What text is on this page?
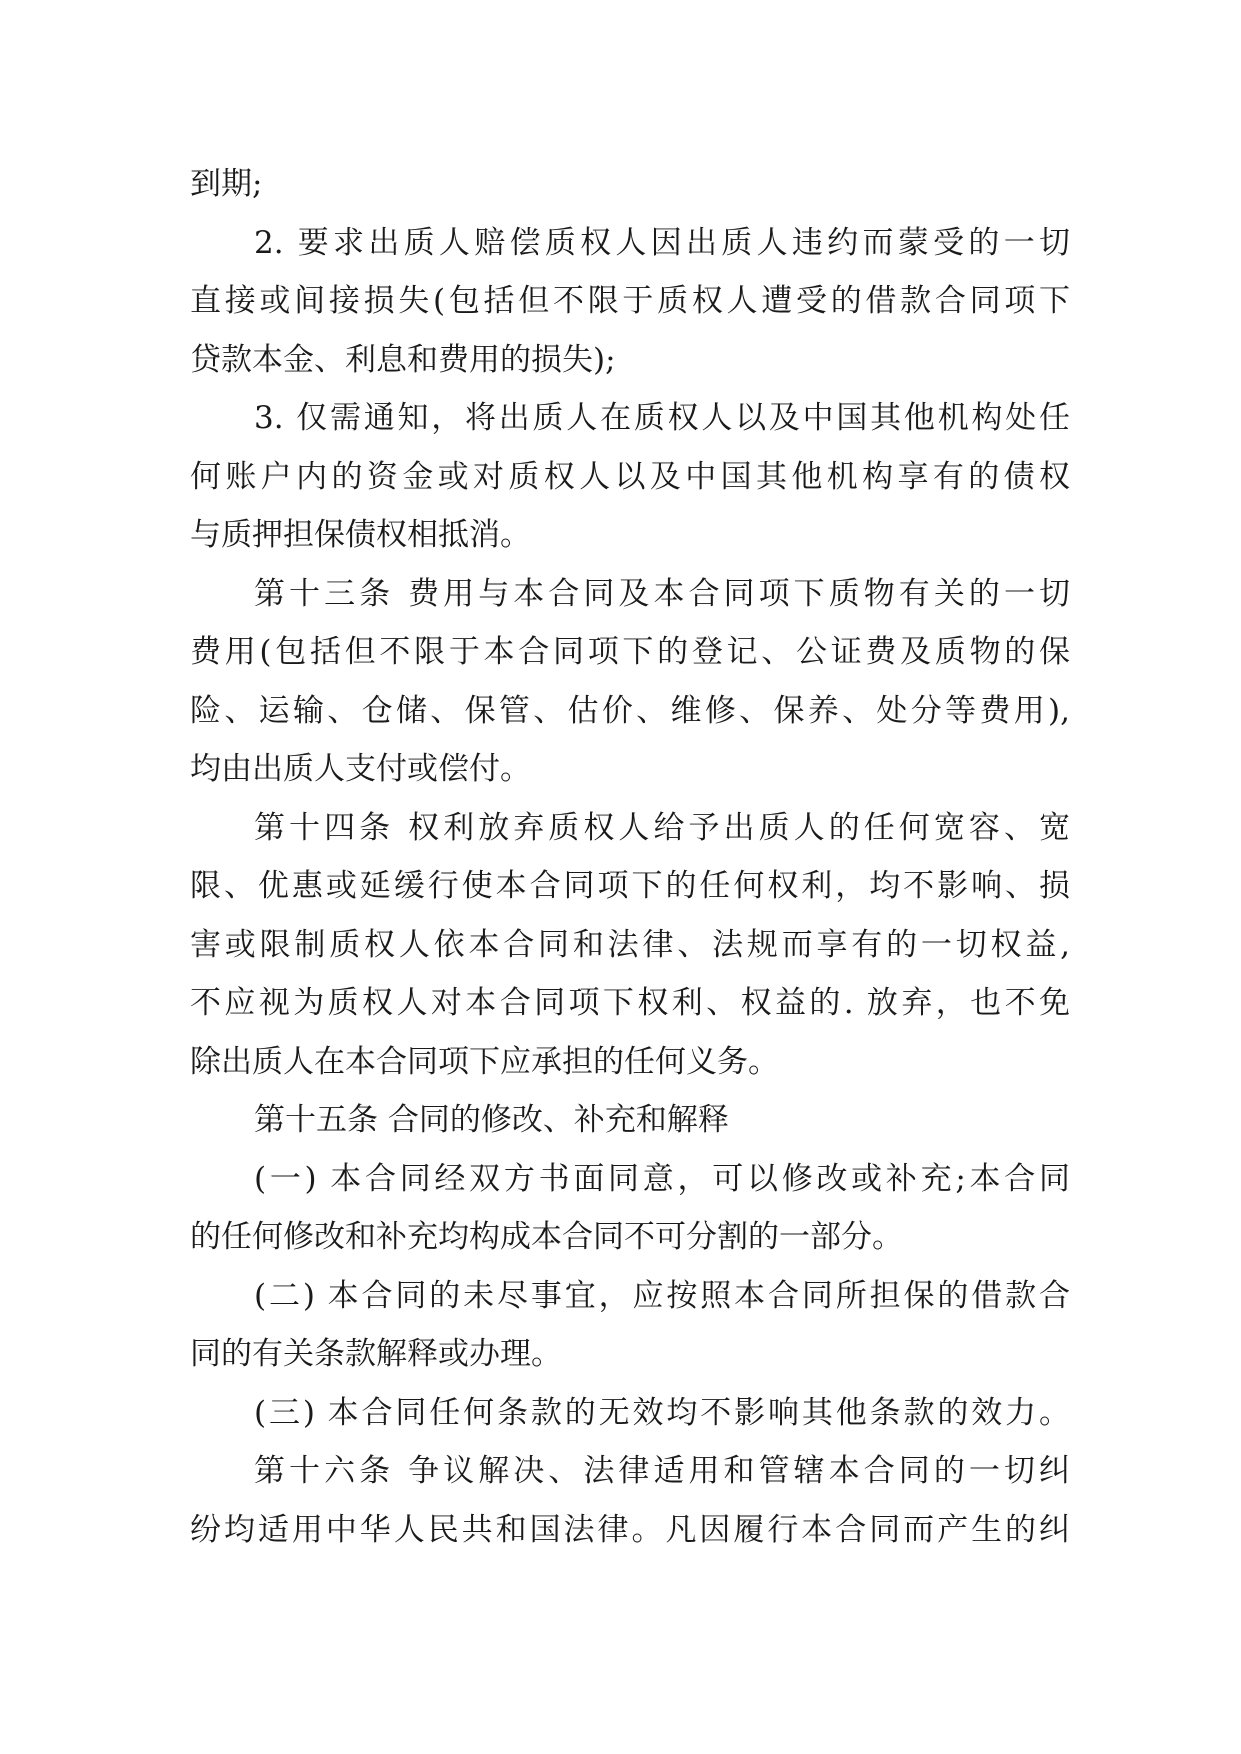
到期;
2. 要求出质人赔偿质权人因出质人违约而蒙受的一切
直接或间接损失(包括但不限于质权人遭受的借款合同项下
贷款本金、利息和费用的损失);
3. 仅需通知，将出质人在质权人以及中国其他机构处任
何账户内的资金或对质权人以及中国其他机构享有的债权
与质押担保债权相抵消。
第十三条 费用与本合同及本合同项下质物有关的一切
费用(包括但不限于本合同项下的登记、公证费及质物的保
险、运输、仓储、保管、估价、维修、保养、处分等费用),
均由出质人支付或偿付。
第十四条 权利放弃质权人给予出质人的任何宽容、宽
限、优惠或延缓行使本合同项下的任何权利，均不影响、损
害或限制质权人依本合同和法律、法规而享有的一切权益,
不应视为质权人对本合同项下权利、权益的. 放弃，也不免
除出质人在本合同项下应承担的任何义务。
第十五条 合同的修改、补充和解释
(一) 本合同经双方书面同意，可以修改或补充;本合同
的任何修改和补充均构成本合同不可分割的一部分。
(二) 本合同的未尽事宜，应按照本合同所担保的借款合
同的有关条款解释或办理。
(三) 本合同任何条款的无效均不影响其他条款的效力。
第十六条 争议解决、法律适用和管辖本合同的一切纠
纷均适用中华人民共和国法律。凡因履行本合同而产生的纠
